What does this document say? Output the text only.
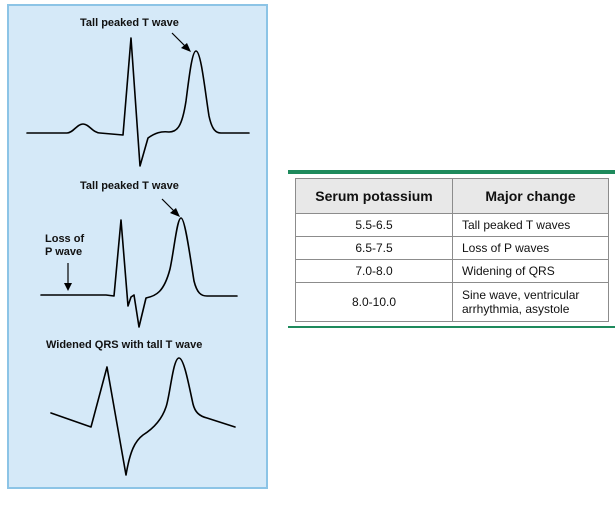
Tall peaked T wave
Tall peaked T wave
Loss of
P wave
Widened QRS with tall T wave
Serum potassium	Major change
5.5-6.5	Tall peaked T waves
6.5-7.5	Loss of P waves
7.0-8.0	Widening of QRS
8.0-10.0	Sine wave, ventricular
arrhythmia, asystole
